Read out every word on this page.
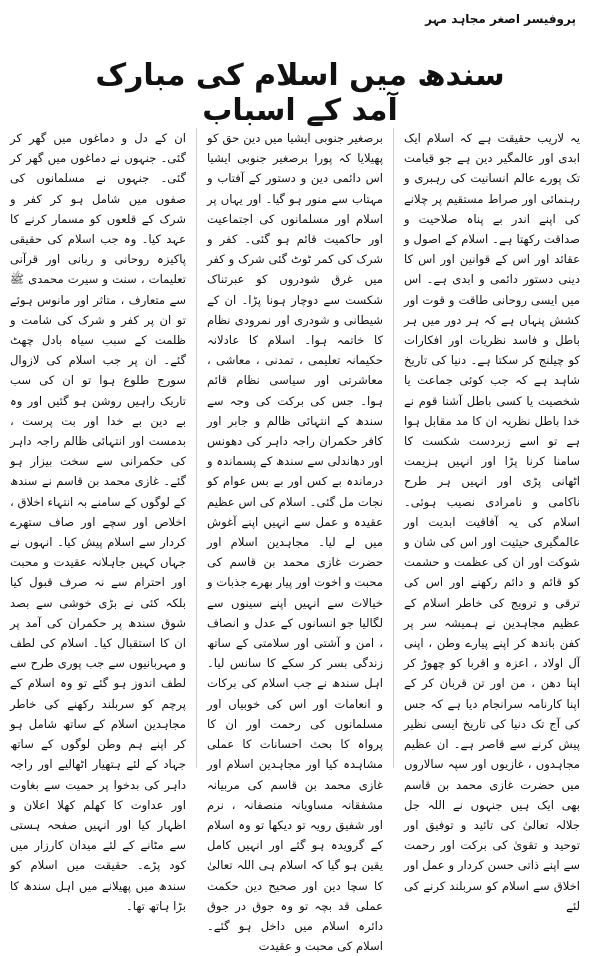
پروفیسر اصغر مجاہد مہر
سندھ میں اسلام کی مبارک آمد کے اسباب

یہ لاریب حقیقت ہے کہ اسلام ایک ابدی اور عالمگیر دین ہے جو قیامت تک پورے عالم انسانیت کی رہبری و رہنمائی اور صراط مستقیم پر چلانے کی اپنے اندر بے پناہ صلاحیت و صداقت رکھتا ہے۔ اسلام کے اصول و عقائد اور اس کے قوانین اور اس کا دینی دستور دائمی و ابدی ہے۔ اس میں ایسی روحانی طاقت و قوت اور کشش پنہاں ہے کہ ہر دور میں ہر باطل و فاسد نظریات اور افکارات کو چیلنج کر سکتا ہے۔ دنیا کی تاریخ شاہد ہے کہ جب کوئی جماعت یا شخصیت یا کسی باطل آشنا قوم نے خدا باطل نظریہ ان کا مد مقابل ہوا ہے تو اسے زبردست شکست کا سامنا کرنا پڑا اور انہیں ہزیمت اٹھانی پڑی اور انہیں ہر طرح ناکامی و نامرادی نصیب ہوئی۔ اسلام کی یہ آفاقیت ابدیت اور عالمگیری حیثیت اور اس کی شان و شوکت اور ان کی عظمت و حشمت کو قائم و دائم رکھنے اور اس کی ترقی و ترویج کی خاطر اسلام کے عظیم مجاہدین نے ہمیشہ سر پر کفن باندھ کر اپنے پیارے وطن ، اپنی آل اولاد ، اعزہ و اقربا کو چھوڑ کر اپنا دھن ، من اور تن قربان کر کے اپنا کارنامہ سرانجام دیا ہے کہ جس کی آج تک دنیا کی تاریخ ایسی نظیر پیش کرنے سے قاصر ہے۔ ان عظیم مجاہدوں ، غازیوں اور سپہ سالاروں میں حضرت غازی محمد بن قاسم بھی ایک ہیں جنہوں نے اللہ جل جلالہ تعالیٰ کی تائید و توفیق اور توحید و تقویٰ کی برکت اور رحمت سے اپنے ذاتی حسن کردار و عمل اور اخلاق سے اسلام کو سربلند کرنے کی لئے

برصغیر جنوبی ایشیا میں دین حق کو پھیلایا کہ پورا برصغیر جنوبی ایشیا اس دائمی دین و دستور کے آفتاب و مہتاب سے منور ہو گیا۔ اور یہاں پر اسلام اور مسلمانوں کی اجتماعیت اور حاکمیت قائم ہو گئی۔ کفر و شرک کی کمر ٹوٹ گئی شرک و کفر میں غرق شودروں کو عبرتناک شکست سے دوچار ہونا پڑا۔ ان کے شیطانی و شودری اور نمرودی نظام کا خاتمہ ہوا۔ اسلام کا عادلانہ حکیمانہ تعلیمی ، تمدنی ، معاشی ، معاشرتی اور سیاسی نظام قائم ہوا۔ جس کی برکت کی وجہ سے سندھ کے انتہائی ظالم و جابر اور کافر حکمران راجہ داہر کی دھونس اور دھاندلی سے سندھ کے پسماندہ و درماندہ بے کس اور بے بس عوام کو نجات مل گئی۔ اسلام کی اس عظیم عقیدہ و عمل سے انہیں اپنے آغوش میں لے لیا۔ مجاہدین اسلام اور حضرت غازی محمد بن قاسم کی محبت و اخوت اور پیار بھرے جذبات و خیالات سے انہیں اپنے سینوں سے لگالیا جو انسانوں کے عدل و انصاف ، امن و آشتی اور سلامتی کے ساتھ زندگی بسر کر سکے کا سانس لیا۔ اہل سندھ نے جب اسلام کی برکات و انعامات اور اس کی خوبیاں اور مسلمانوں کی رحمت اور ان کا پرواہ کا بحث احسانات کا عملی مشاہدہ کیا اور مجاہدین اسلام اور غازی محمد بن قاسم کی مربیانہ مشفقانہ مساویانہ منصفانہ ، نرم اور شفیق رویہ تو دیکھا تو وہ اسلام کے گرویدہ ہو گئے اور انہیں کامل یقین ہو گیا کہ اسلام ہی اللہ تعالیٰ کا سچا دین اور صحیح دین حکمت عملی قد بچہ تو وہ جوق در جوق دائرہ اسلام میں داخل ہو گئے۔ اسلام کی محبت و عقیدت

ان کے دل و دماغوں میں گھر کر گئی۔ جنہوں نے دماغوں میں گھر کر گئی۔ جنہوں نے مسلمانوں کی صفوں میں شامل ہو کر کفر و شرک کے قلعوں کو مسمار کرنے کا عہد کیا۔ وہ جب اسلام کی حقیقی پاکیزہ روحانی و ربانی اور قرآنی تعلیمات ، سنت و سیرت محمدی ﷺ سے متعارف ، متاثر اور مانوس ہوئے تو ان پر کفر و شرک کی شامت و ظلمت کے سبب سیاہ بادل چھٹ گئے۔ ان پر جب اسلام کی لازوال سورج طلوع ہوا تو ان کی سب تاریک راہیں روشن ہو گئیں اور وہ بے دین بے خدا اور بت پرست ، بدمست اور انتہائی ظالم راجہ داہر کی حکمرانی سے سخت بیزار ہو گئے۔ غازی محمد بن قاسم نے سندھ کے لوگوں کے سامنے بہ انتہاء اخلاق ، اخلاص اور سچے اور صاف ستھرے کردار سے اسلام پیش کیا۔ انہوں نے جہاں کہیں جاہلانہ عقیدت و محبت اور احترام سے نہ صرف قبول کیا بلکہ کئی نے بڑی خوشی سے بصد شوق سندھ پر حکمران کی آمد پر ان کا استقبال کیا۔ اسلام کی لطف و مہربانیوں سے جب پوری طرح سے لطف اندوز ہو گئے تو وہ اسلام کے پرچم کو سربلند رکھنے کی خاطر مجاہدین اسلام کے ساتھ شامل ہو کر اپنے ہم وطن لوگوں کے ساتھ جہاد کے لئے ہتھیار اٹھالیے اور راجہ داہر کی بدخوا پر حمیت سے بغاوت اور عداوت کا کھلم کھلا اعلان و اظہار کیا اور انہیں صفحہ ہستی سے مٹانے کے لئے میدان کارزار میں کود پڑے۔ حقیقت میں اسلام کو سندھ میں پھیلانے میں اہل سندھ کا بڑا ہاتھ تھا۔
